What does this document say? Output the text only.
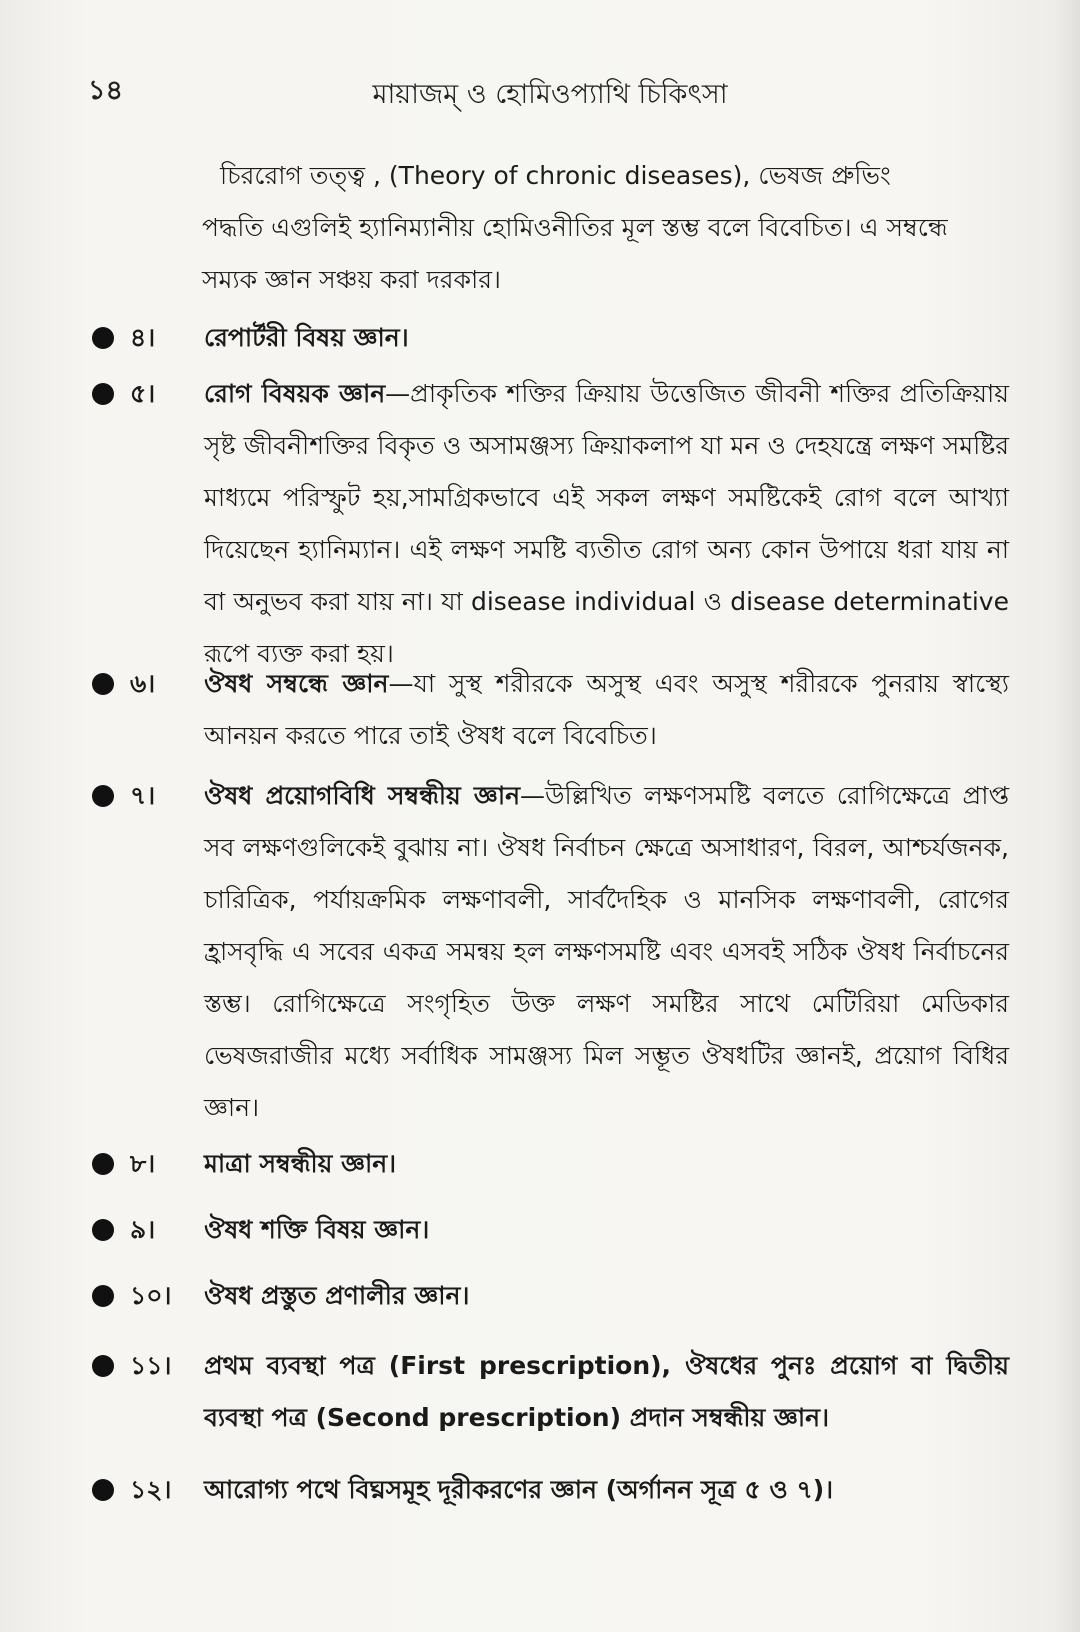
১৪	মায়াজম্ ও হোমিওপ্যাথি চিকিৎসা
চিররোগ তত্ত্ব , (Theory of chronic diseases), ভেষজ প্রুভিং
পদ্ধতি এগুলিই হ্যানিম্যানীয় হোমিওনীতির মূল স্তম্ভ বলে বিবেচিত। এ সম্বন্ধে
সম্যক জ্ঞান সঞ্চয় করা দরকার।
৪। রেপার্টরী বিষয় জ্ঞান।
৫। রোগ বিষয়ক জ্ঞান—প্রাকৃতিক শক্তির ক্রিয়ায় উত্তেজিত জীবনী শক্তির প্রতিক্রিয়ায় সৃষ্ট জীবনীশক্তির বিকৃত ও অসামঞ্জস্য ক্রিয়াকলাপ যা মন ও দেহযন্ত্রে লক্ষণ সমষ্টির মাধ্যমে পরিস্ফুট হয়,সামগ্রিকভাবে এই সকল লক্ষণ সমষ্টিকেই রোগ বলে আখ্যা দিয়েছেন হ্যানিম্যান। এই লক্ষণ সমষ্টি ব্যতীত রোগ অন্য কোন উপায়ে ধরা যায় না বা অনুভব করা যায় না। যা disease individual ও disease determinative রূপে ব্যক্ত করা হয়।
৬। ঔষধ সম্বন্ধে জ্ঞান—যা সুস্থ শরীরকে অসুস্থ এবং অসুস্থ শরীরকে পুনরায় স্বাস্থ্যে আনয়ন করতে পারে তাই ঔষধ বলে বিবেচিত।
৭। ঔষধ প্রয়োগবিধি সম্বন্ধীয় জ্ঞান—উল্লিখিত লক্ষণসমষ্টি বলতে রোগিক্ষেত্রে প্রাপ্ত সব লক্ষণগুলিকেই বুঝায় না। ঔষধ নির্বাচন ক্ষেত্রে অসাধারণ, বিরল, আশ্চর্যজনক, চারিত্রিক, পর্যায়ক্রমিক লক্ষণাবলী, সার্বদৈহিক ও মানসিক লক্ষণাবলী, রোগের হ্রাসবৃদ্ধি এ সবের একত্র সমন্বয় হল লক্ষণসমষ্টি এবং এসবই সঠিক ঔষধ নির্বাচনের স্তম্ভ। রোগিক্ষেত্রে সংগৃহিত উক্ত লক্ষণ সমষ্টির সাথে মেটিরিয়া মেডিকার ভেষজরাজীর মধ্যে সর্বাধিক সামঞ্জস্য মিল সম্ভূত ঔষধটির জ্ঞানই, প্রয়োগ বিধির জ্ঞান।
৮। মাত্রা সম্বন্ধীয় জ্ঞান।
৯। ঔষধ শক্তি বিষয় জ্ঞান।
১০। ঔষধ প্রস্তুত প্রণালীর জ্ঞান।
১১। প্রথম ব্যবস্থা পত্র (First prescription), ঔষধের পুনঃ প্রয়োগ বা দ্বিতীয় ব্যবস্থা পত্র (Second prescription) প্রদান সম্বন্ধীয় জ্ঞান।
১২। আরোগ্য পথে বিঘ্নসমূহ দূরীকরণের জ্ঞান (অর্গানন সূত্র ৫ ও ৭)।
